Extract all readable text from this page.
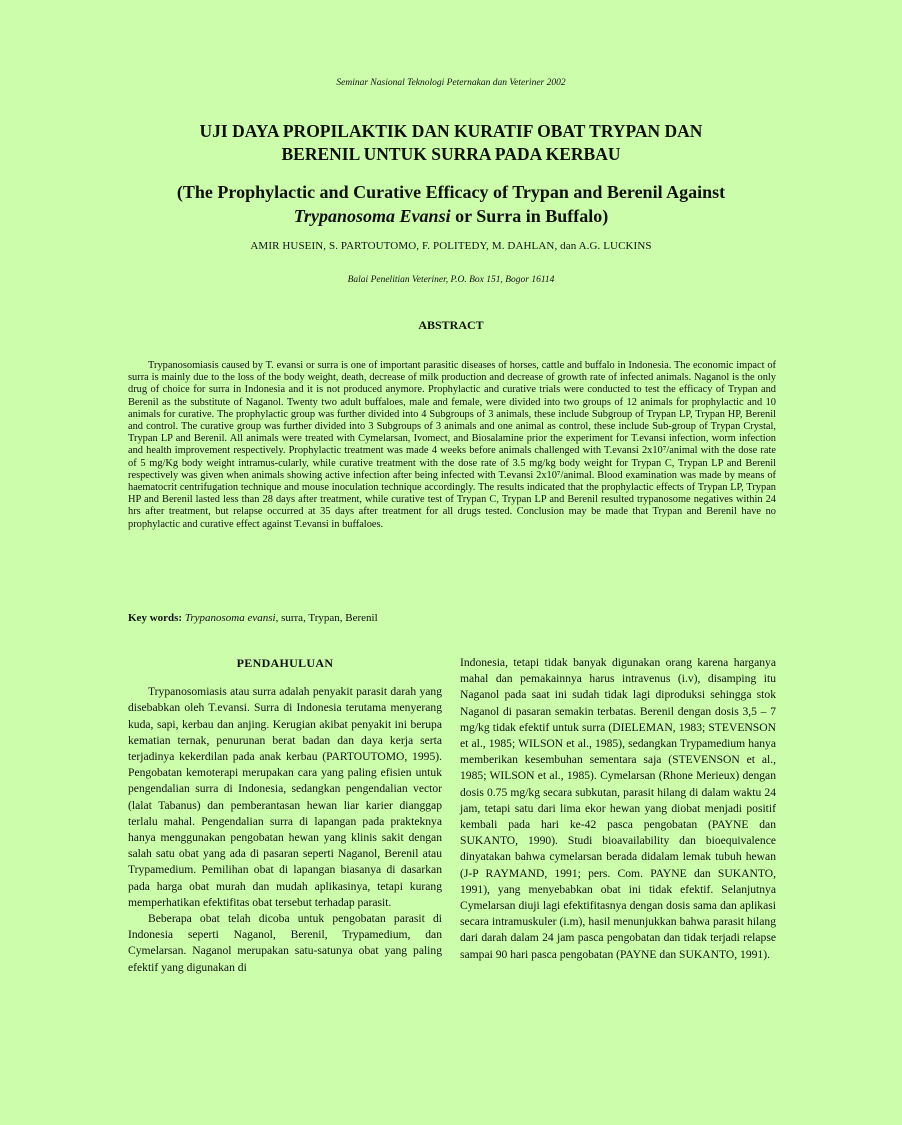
Seminar Nasional Teknologi Peternakan dan Veteriner 2002
UJI DAYA PROPILAKTIK DAN KURATIF OBAT TRYPAN DAN
BERENIL UNTUK SURRA PADA KERBAU
(The Prophylactic and Curative Efficacy of Trypan and Berenil Against
Trypanosoma Evansi or Surra in Buffalo)
AMIR HUSEIN, S. PARTOUTOMO, F. POLITEDY, M. DAHLAN, dan A.G. LUCKINS
Balai Penelitian Veteriner, P.O. Box 151, Bogor 16114
ABSTRACT

Trypanosomiasis caused by T. evansi or surra is one of important parasitic diseases of horses, cattle and buffalo in Indonesia. The economic impact of surra is mainly due to the loss of the body weight, death, decrease of milk production and decrease of growth rate of infected animals. Naganol is the only drug of choice for surra in Indonesia and it is not produced anymore. Prophylactic and curative trials were conducted to test the efficacy of Trypan and Berenil as the substitute of Naganol. Twenty two adult buffaloes, male and female, were divided into two groups of 12 animals for prophylactic and 10 animals for curative. The prophylactic group was further divided into 4 Subgroups of 3 animals, these include Subgroup of Trypan LP, Trypan HP, Berenil and control. The curative group was further divided into 3 Subgroups of 3 animals and one animal as control, these include Sub-group of Trypan Crystal, Trypan LP and Berenil. All animals were treated with Cymelarsan, Ivomect, and Biosalamine prior the experiment for T.evansi infection, worm infection and health improvement respectively. Prophylactic treatment was made 4 weeks before animals challenged with T.evansi 2x10⁷/animal with the dose rate of 5 mg/Kg body weight intramus-cularly, while curative treatment with the dose rate of 3.5 mg/kg body weight for Trypan C, Trypan LP and Berenil respectively was given when animals showing active infection after being infected with T.evansi 2x10⁷/animal. Blood examination was made by means of haematocrit centrifugation technique and mouse inoculation technique accordingly. The results indicated that the prophylactic effects of Trypan LP, Trypan HP and Berenil lasted less than 28 days after treatment, while curative test of Trypan C, Trypan LP and Berenil resulted trypanosome negatives within 24 hrs after treatment, but relapse occurred at 35 days after treatment for all drugs tested. Conclusion may be made that Trypan and Berenil have no prophylactic and curative effect against T.evansi in buffaloes.

Key words: Trypanosoma evansi, surra, Trypan, Berenil
PENDAHULUAN

Trypanosomiasis atau surra adalah penyakit parasit darah yang disebabkan oleh T.evansi. Surra di Indonesia terutama menyerang kuda, sapi, kerbau dan anjing. Kerugian akibat penyakit ini berupa kematian ternak, penurunan berat badan dan daya kerja serta terjadinya kekerdilan pada anak kerbau (PARTOUTOMO, 1995). Pengobatan kemoterapi merupakan cara yang paling efisien untuk pengendalian surra di Indonesia, sedangkan pengendalian vector (lalat Tabanus) dan pemberantasan hewan liar karier dianggap terlalu mahal. Pengendalian surra di lapangan pada prakteknya hanya menggunakan pengobatan hewan yang klinis sakit dengan salah satu obat yang ada di pasaran seperti Naganol, Berenil atau Trypamedium. Pemilihan obat di lapangan biasanya di dasarkan pada harga obat murah dan mudah aplikasinya, tetapi kurang memperhatikan efektifitas obat tersebut terhadap parasit.

Beberapa obat telah dicoba untuk pengobatan parasit di Indonesia seperti Naganol, Berenil, Trypamedium, dan Cymelarsan. Naganol merupakan satu-satunya obat yang paling efektif yang digunakan di

Indonesia, tetapi tidak banyak digunakan orang karena harganya mahal dan pemakainnya harus intravenus (i.v), disamping itu Naganol pada saat ini sudah tidak lagi diproduksi sehingga stok Naganol di pasaran semakin terbatas. Berenil dengan dosis 3,5 – 7 mg/kg tidak efektif untuk surra (DIELEMAN, 1983; STEVENSON et al., 1985; WILSON et al., 1985), sedangkan Trypamedium hanya memberikan kesembuhan sementara saja (STEVENSON et al., 1985; WILSON et al., 1985). Cymelarsan (Rhone Merieux) dengan dosis 0.75 mg/kg secara subkutan, parasit hilang di dalam waktu 24 jam, tetapi satu dari lima ekor hewan yang diobat menjadi positif kembali pada hari ke-42 pasca pengobatan (PAYNE dan SUKANTO, 1990). Studi bioavailability dan bioequivalence dinyatakan bahwa cymelarsan berada didalam lemak tubuh hewan (J-P RAYMAND, 1991; pers. Com. PAYNE dan SUKANTO, 1991), yang menyebabkan obat ini tidak efektif. Selanjutnya Cymelarsan diuji lagi efektifitasnya dengan dosis sama dan aplikasi secara intramuskuler (i.m), hasil menunjukkan bahwa parasit hilang dari darah dalam 24 jam pasca pengobatan dan tidak terjadi relapse sampai 90 hari pasca pengobatan (PAYNE dan SUKANTO, 1991).
